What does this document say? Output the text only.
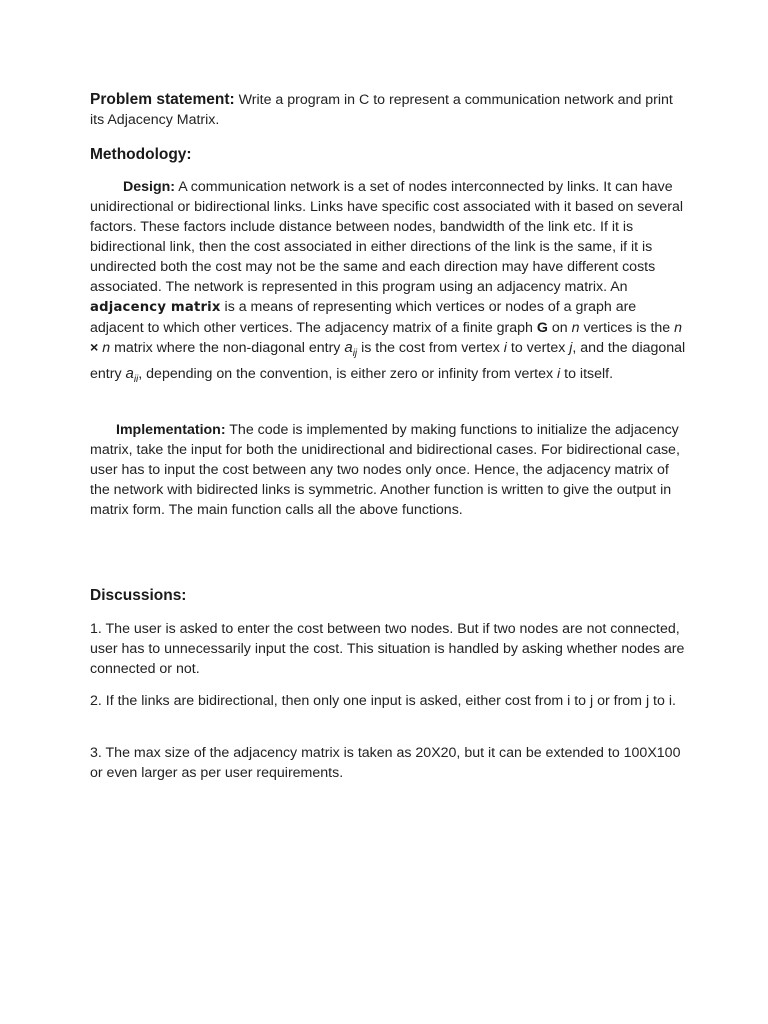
Problem statement: Write a program in C to represent a communication network and print its Adjacency Matrix.

Methodology:

Design: A communication network is a set of nodes interconnected by links. It can have unidirectional or bidirectional links. Links have specific cost associated with it based on several factors. These factors include distance between nodes, bandwidth of the link etc. If it is bidirectional link, then the cost associated in either directions of the link is the same, if it is undirected both the cost may not be the same and each direction may have different costs associated. The network is represented in this program using an adjacency matrix. An adjacency matrix is a means of representing which vertices or nodes of a graph are adjacent to which other vertices. The adjacency matrix of a finite graph G on n vertices is the n × n matrix where the non-diagonal entry $a_{ij}$ is the cost from vertex i to vertex j, and the diagonal entry $a_{ii}$, depending on the convention, is either zero or infinity from vertex i to itself.

Implementation: The code is implemented by making functions to initialize the adjacency matrix, take the input for both the unidirectional and bidirectional cases. For bidirectional case, user has to input the cost between any two nodes only once. Hence, the adjacency matrix of the network with bidirected links is symmetric. Another function is written to give the output in matrix form. The main function calls all the above functions.

Discussions:

1. The user is asked to enter the cost between two nodes. But if two nodes are not connected, user has to unnecessarily input the cost. This situation is handled by asking whether nodes are connected or not.

2. If the links are bidirectional, then only one input is asked, either cost from i to j or from j to i.

3. The max size of the adjacency matrix is taken as 20X20, but it can be extended to 100X100 or even larger as per user requirements.
